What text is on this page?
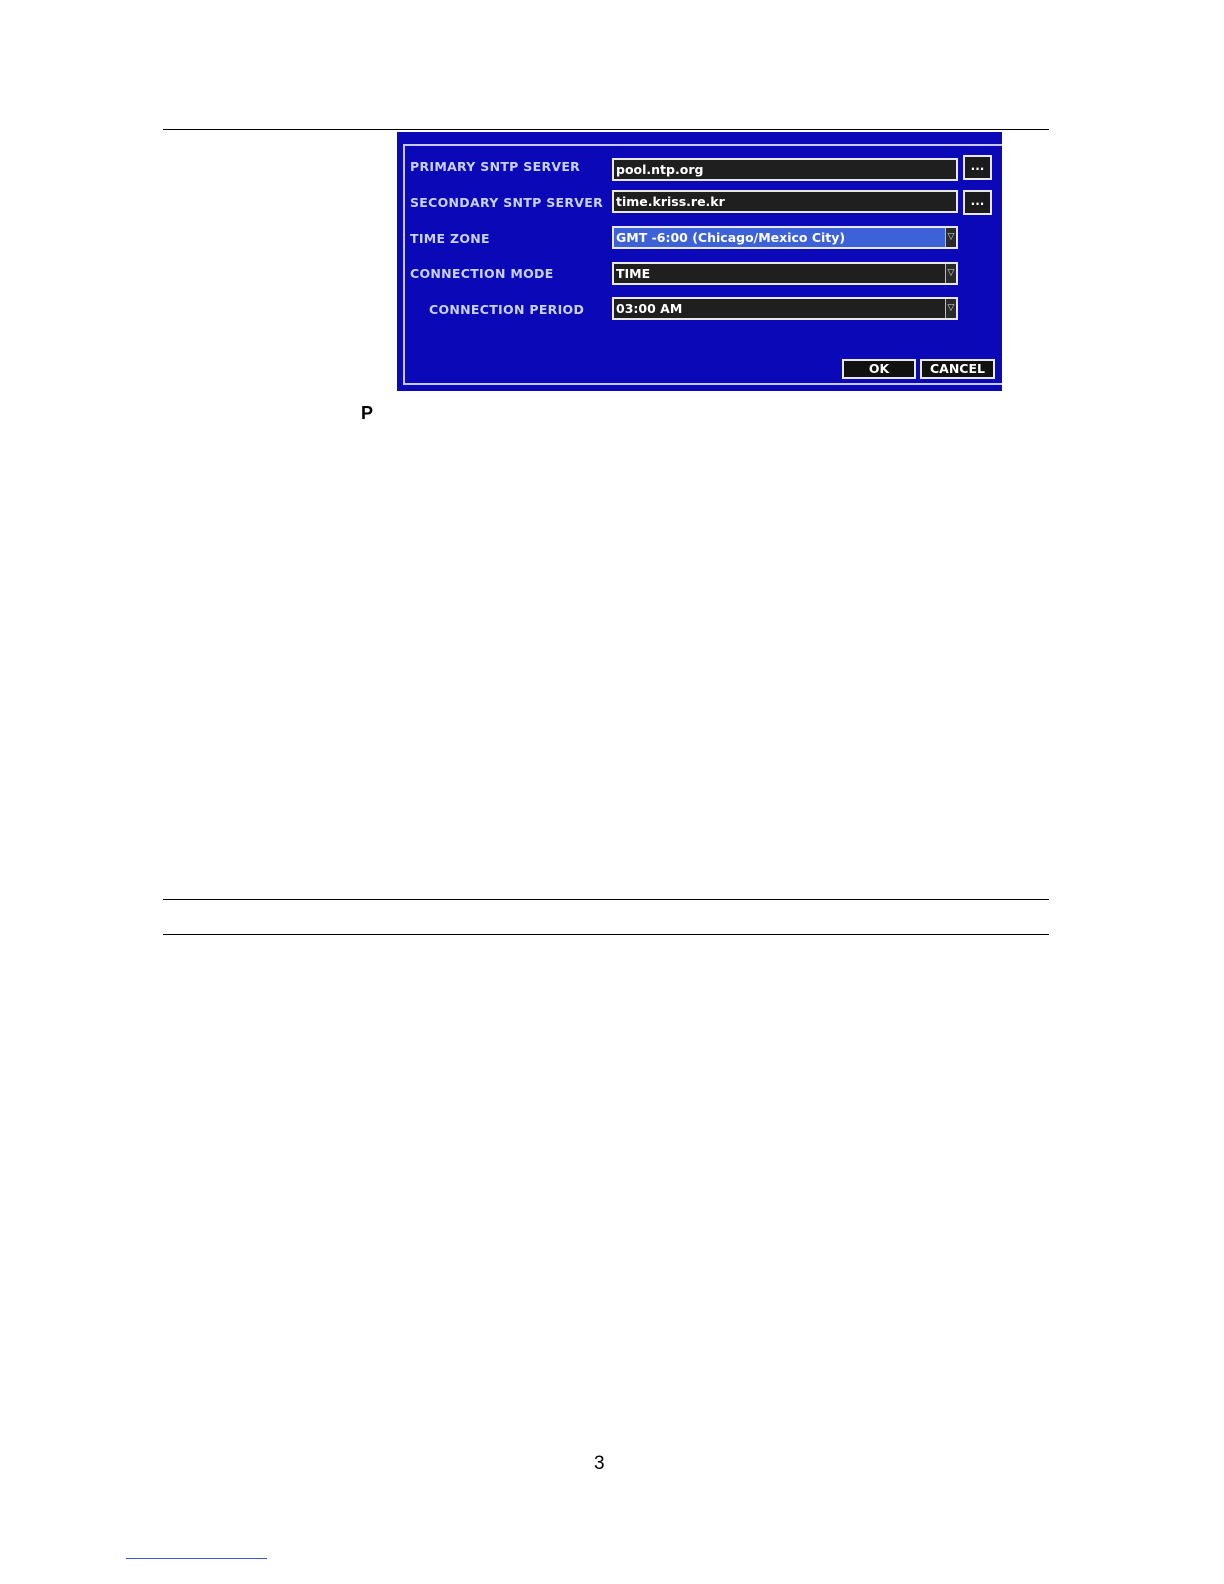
PRIMARY SNTP SERVER	pool.ntp.org	...
SECONDARY SNTP SERVER	time.kriss.re.kr	...
TIME ZONE	GMT -6:00 (Chicago/Mexico City)	▽
CONNECTION MODE	TIME	▽
CONNECTION PERIOD	03:00 AM	▽
OK	CANCEL
P
3
